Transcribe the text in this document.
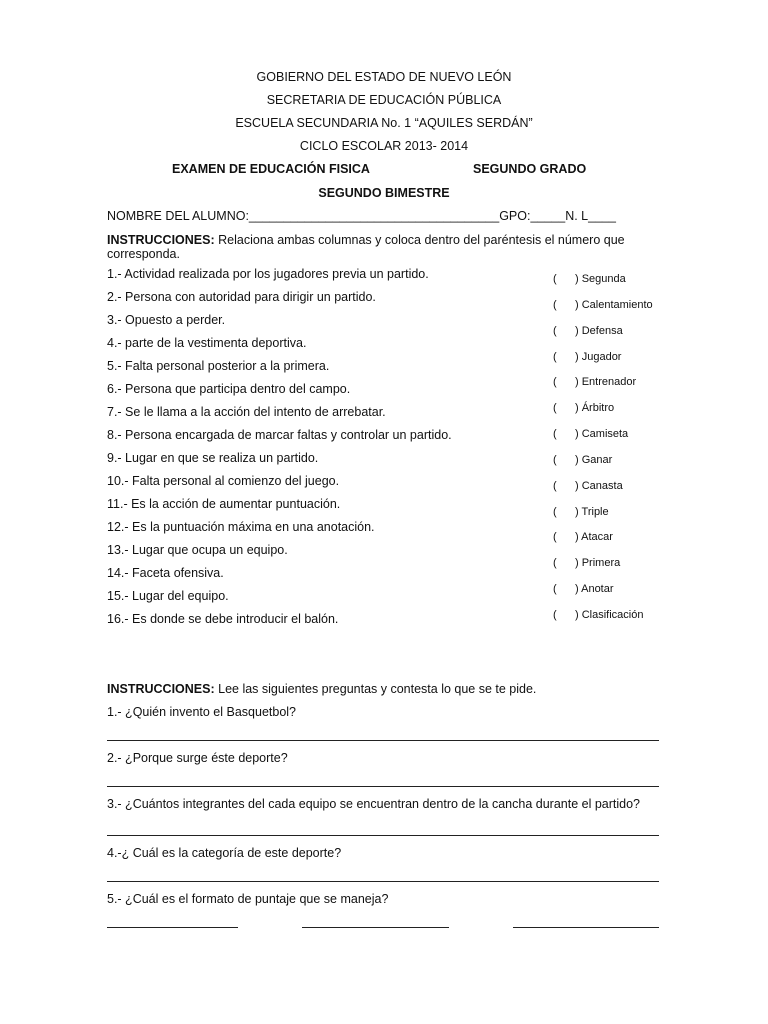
GOBIERNO DEL ESTADO DE NUEVO LEÓN
SECRETARIA DE EDUCACIÓN PÚBLICA
ESCUELA SECUNDARIA No. 1 “AQUILES SERDÁN”
CICLO ESCOLAR 2013- 2014
EXAMEN DE EDUCACIÓN FISICA	SEGUNDO GRADO
SEGUNDO BIMESTRE
NOMBRE DEL ALUMNO:____________________________________GPO:_____N. L____
INSTRUCCIONES: Relaciona ambas columnas y coloca dentro del paréntesis el número que corresponda.
1.- Actividad realizada por los jugadores previa un partido.
2.- Persona con autoridad para dirigir un partido.
3.- Opuesto a perder.
4.- parte de la vestimenta deportiva.
5.- Falta personal posterior a la primera.
6.- Persona que participa dentro del campo.
7.- Se le llama a la acción del intento de arrebatar.
8.- Persona encargada de marcar faltas y controlar un partido.
9.- Lugar en que se realiza un partido.
10.- Falta personal al comienzo del juego.
11.- Es la acción de aumentar puntuación.
12.- Es la puntuación máxima en una anotación.
13.- Lugar que ocupa un equipo.
14.- Faceta ofensiva.
15.- Lugar del equipo.
16.- Es donde se debe introducir el balón.
( ) Segunda
( ) Calentamiento
( ) Defensa
( ) Jugador
( ) Entrenador
( ) Árbitro
( ) Camiseta
( ) Ganar
( ) Canasta
( ) Triple
( ) Atacar
( ) Primera
( ) Anotar
( ) Clasificación
INSTRUCCIONES: Lee las siguientes preguntas y contesta lo que se te pide.
1.- ¿Quién invento el Basquetbol?
2.- ¿Porque surge éste deporte?
3.- ¿Cuántos integrantes del cada equipo se encuentran dentro de la cancha durante el partido?
4.-¿ Cuál es la categoría de este deporte?
5.- ¿Cuál es el formato de puntaje que se maneja?
